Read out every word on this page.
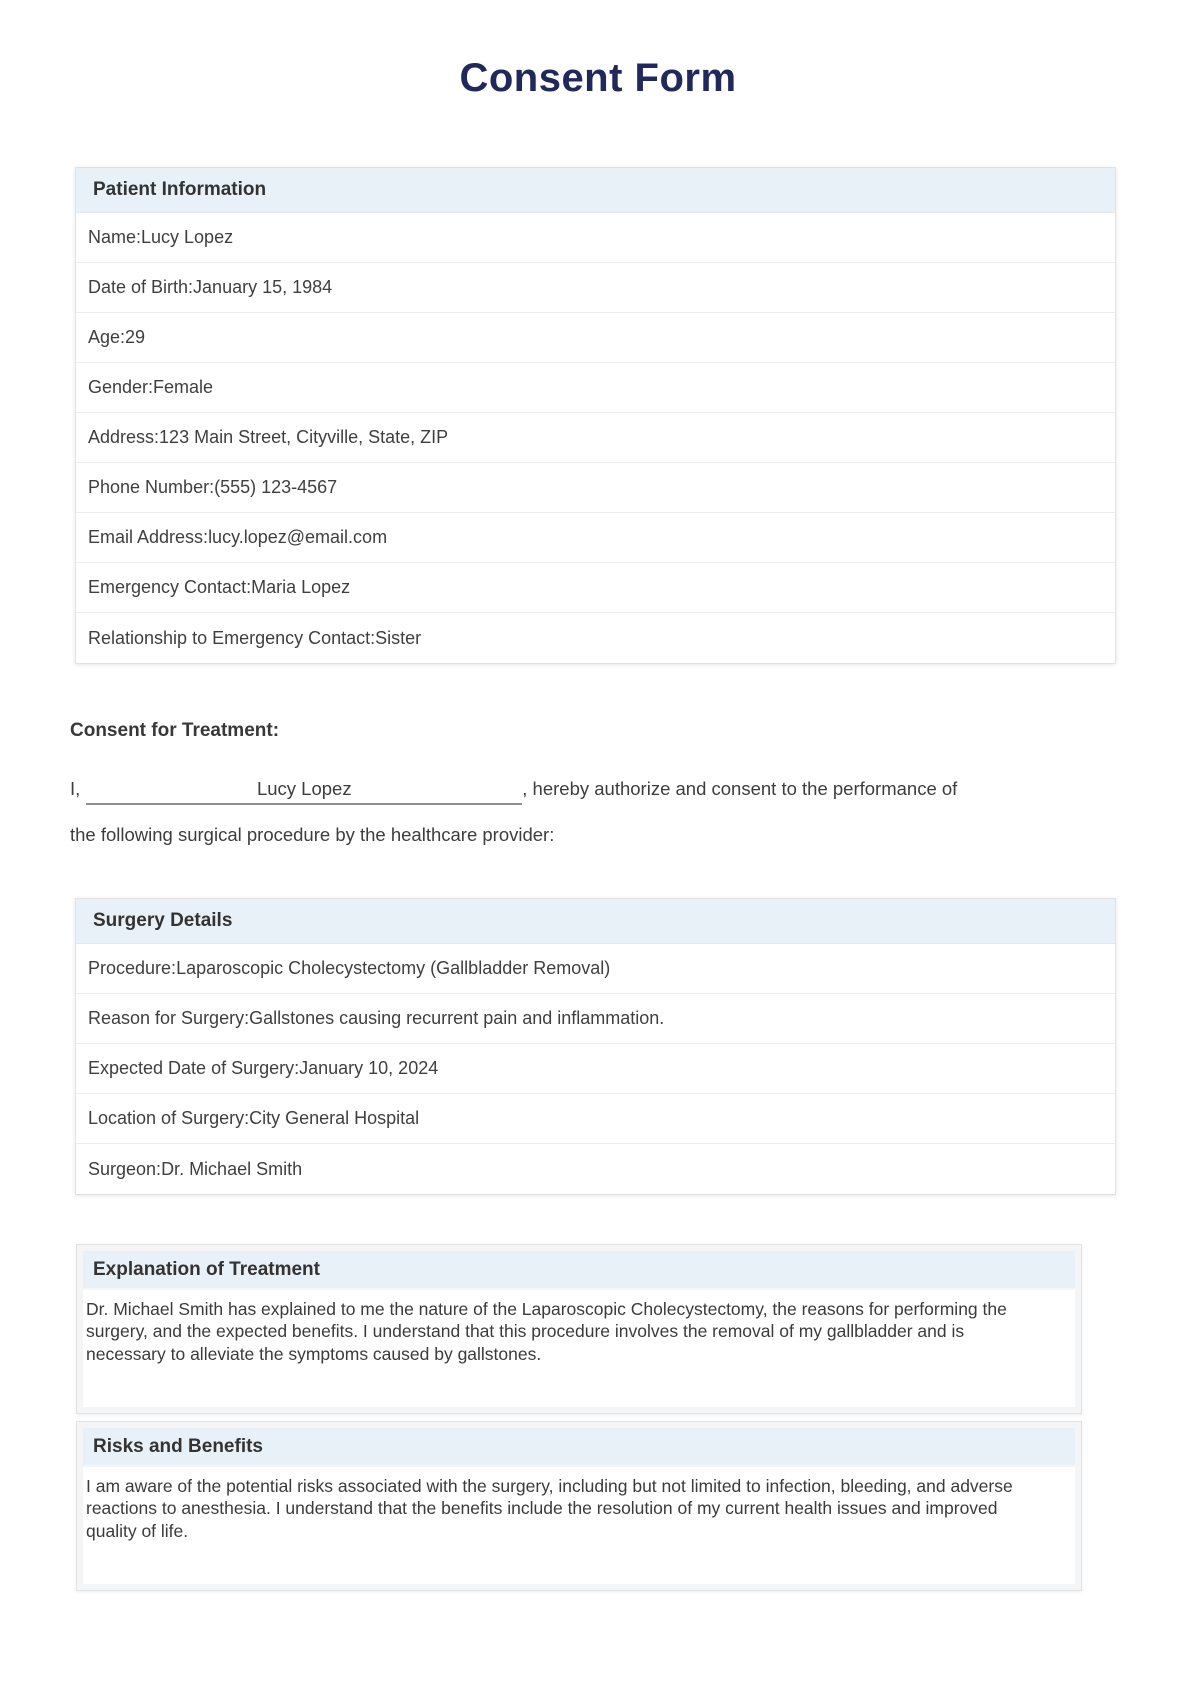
Consent Form
Patient Information
Name: Lucy Lopez
Date of Birth: January 15, 1984
Age: 29
Gender: Female
Address: 123 Main Street, Cityville, State, ZIP
Phone Number: (555) 123-4567
Email Address: lucy.lopez@email.com
Emergency Contact: Maria Lopez
Relationship to Emergency Contact: Sister
Consent for Treatment:
I,	Lucy Lopez	, hereby authorize and consent to the performance of
the following surgical procedure by the healthcare provider:
Surgery Details
Procedure: Laparoscopic Cholecystectomy (Gallbladder Removal)
Reason for Surgery: Gallstones causing recurrent pain and inflammation.
Expected Date of Surgery: January 10, 2024
Location of Surgery: City General Hospital
Surgeon: Dr. Michael Smith
Explanation of Treatment
Dr. Michael Smith has explained to me the nature of the Laparoscopic Cholecystectomy, the reasons for performing the surgery, and the expected benefits. I understand that this procedure involves the removal of my gallbladder and is necessary to alleviate the symptoms caused by gallstones.
Risks and Benefits
I am aware of the potential risks associated with the surgery, including but not limited to infection, bleeding, and adverse reactions to anesthesia. I understand that the benefits include the resolution of my current health issues and improved quality of life.
